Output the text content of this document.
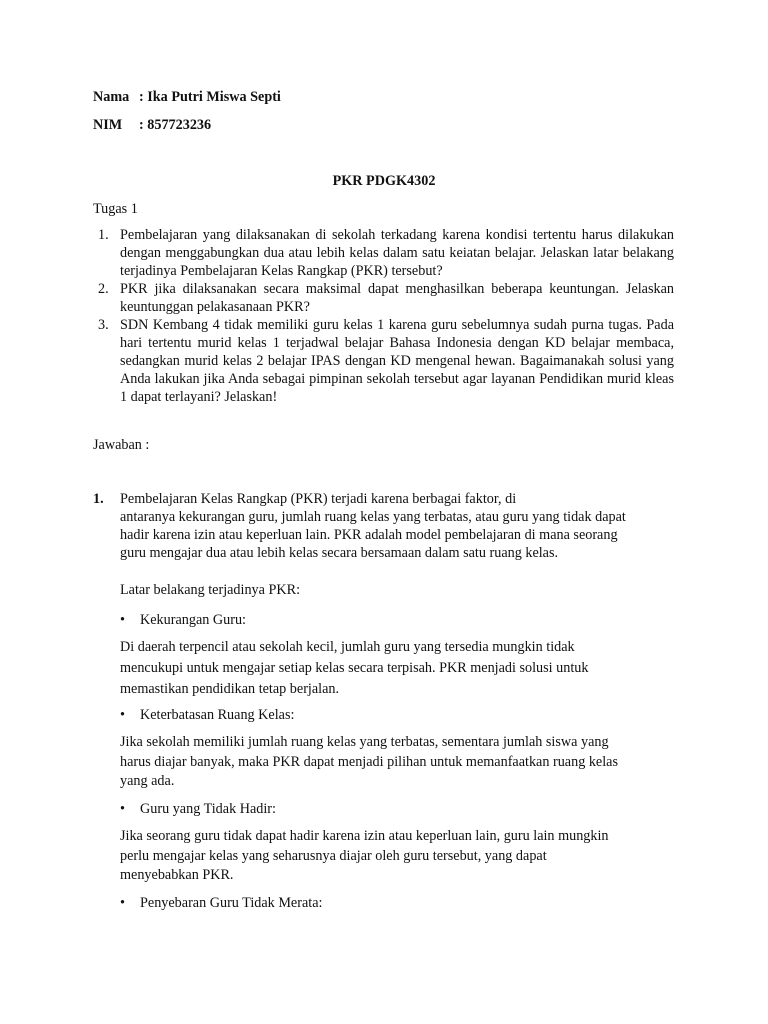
Nama : Ika Putri Miswa Septi
NIM : 857723236
PKR PDGK4302
Tugas 1
1. Pembelajaran yang dilaksanakan di sekolah terkadang karena kondisi tertentu harus dilakukan dengan menggabungkan dua atau lebih kelas dalam satu keiatan belajar. Jelaskan latar belakang terjadinya Pembelajaran Kelas Rangkap (PKR) tersebut?
2. PKR jika dilaksanakan secara maksimal dapat menghasilkan beberapa keuntungan. Jelaskan keuntunggan pelakasanaan PKR?
3. SDN Kembang 4 tidak memiliki guru kelas 1 karena guru sebelumnya sudah purna tugas. Pada hari tertentu murid kelas 1 terjadwal belajar Bahasa Indonesia dengan KD belajar membaca, sedangkan murid kelas 2 belajar IPAS dengan KD mengenal hewan. Bagaimanakah solusi yang Anda lakukan jika Anda sebagai pimpinan sekolah tersebut agar layanan Pendidikan murid kleas 1 dapat terlayani? Jelaskan!
Jawaban :
1. Pembelajaran Kelas Rangkap (PKR) terjadi karena berbagai faktor, di
antaranya kekurangan guru, jumlah ruang kelas yang terbatas, atau guru yang tidak dapat
hadir karena izin atau keperluan lain. PKR adalah model pembelajaran di mana seorang
guru mengajar dua atau lebih kelas secara bersamaan dalam satu ruang kelas.
Latar belakang terjadinya PKR:
• Kekurangan Guru:
Di daerah terpencil atau sekolah kecil, jumlah guru yang tersedia mungkin tidak
mencukupi untuk mengajar setiap kelas secara terpisah. PKR menjadi solusi untuk
memastikan pendidikan tetap berjalan.
• Keterbatasan Ruang Kelas:
Jika sekolah memiliki jumlah ruang kelas yang terbatas, sementara jumlah siswa yang
harus diajar banyak, maka PKR dapat menjadi pilihan untuk memanfaatkan ruang kelas
yang ada.
• Guru yang Tidak Hadir:
Jika seorang guru tidak dapat hadir karena izin atau keperluan lain, guru lain mungkin
perlu mengajar kelas yang seharusnya diajar oleh guru tersebut, yang dapat
menyebabkan PKR.
• Penyebaran Guru Tidak Merata:
